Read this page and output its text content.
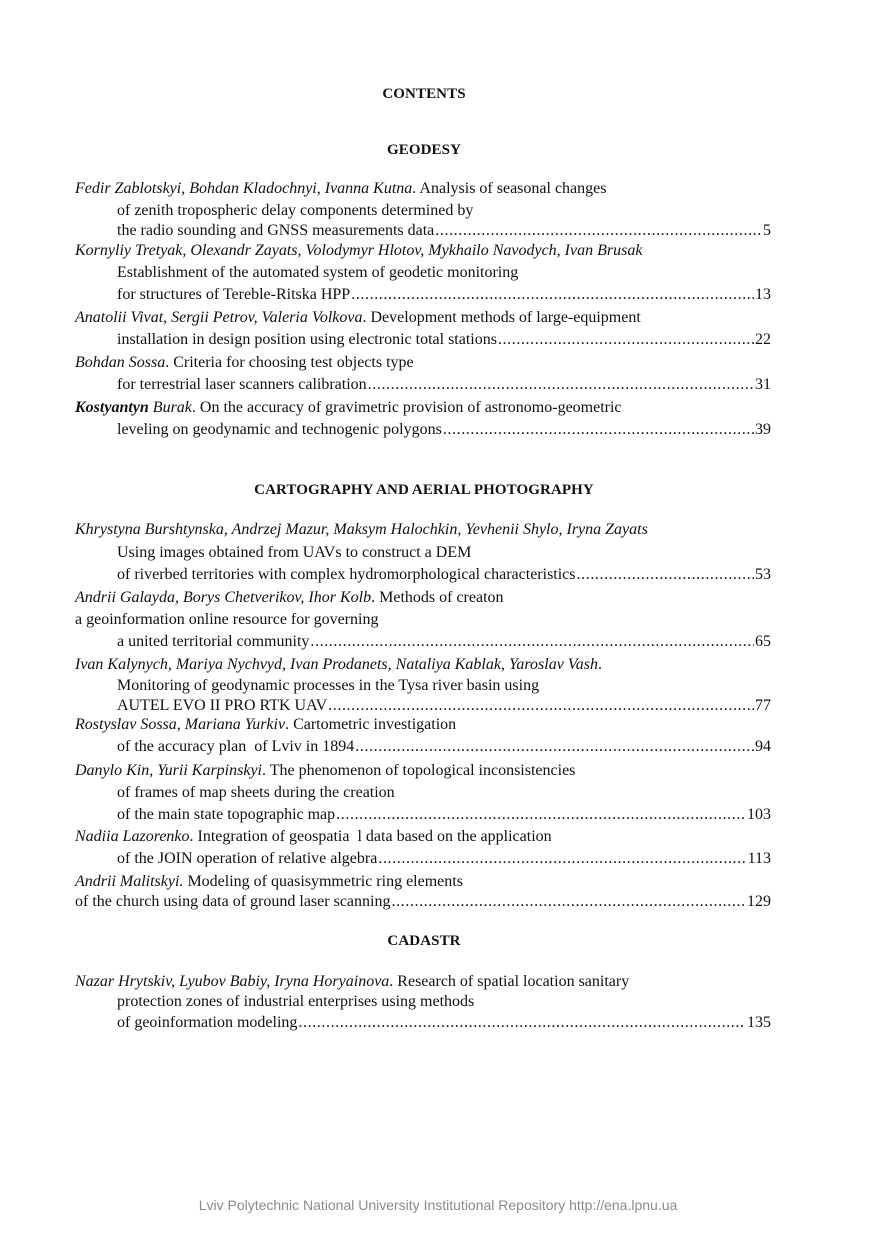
CONTENTS
GEODESY
Fedir Zablotskyi, Bohdan Kladochnyi, Ivanna Kutna. Analysis of seasonal changes
of zenith tropospheric delay components determined by
the radio sounding and GNSS measurements data .....	5
Kornyliy Tretyak, Olexandr Zayats, Volodymyr Hlotov, Mykhailo Navodych, Ivan Brusak
Establishment of the automated system of geodetic monitoring
for structures of Tereble-Ritska HPP .....	13
Anatolii Vivat, Sergii Petrov, Valeria Volkova. Development methods of large-equipment
installation in design position using electronic total stations .....	22
Bohdan Sossa. Criteria for choosing test objects type
for terrestrial laser scanners calibration .....	31
Kostyantyn Burak. On the accuracy of gravimetric provision of astronomo-geometric
leveling on geodynamic and technogenic polygons .....	39
CARTOGRAPHY AND AERIAL PHOTOGRAPHY
Khrystyna Burshtynska, Andrzej Mazur, Maksym Halochkin, Yevhenii Shylo, Iryna Zayats
Using images obtained from UAVs to construct a DEM
of riverbed territories with complex hydromorphological characteristics .....	53
Andrii Galayda, Borys Chetverikov, Ihor Kolb. Methods of creaton
a geoinformation online resource for governing
a united territorial community .....	65
Ivan Kalynych, Mariya Nychvyd, Ivan Prodanets, Nataliya Kablak, Yaroslav Vash.
Monitoring of geodynamic processes in the Tysa river basin using
AUTEL EVO II PRO RTK UAV .....	77
Rostyslav Sossa, Mariana Yurkiv. Cartometric investigation
of the accuracy plan  of Lviv in 1894 .....	94
Danylo Kin, Yurii Karpinskyi. The phenomenon of topological inconsistencies
of frames of map sheets during the creation
of the main state topographic map .....	103
Nadiia Lazorenko. Integration of geospatia  l data based on the application
of the JOIN operation of relative algebra .....	113
Andrii Malitskyi. Modeling of quasisymmetric ring elements
of the church using data of ground laser scanning .....	129
CADASTR
Nazar Hrytskiv, Lyubov Babiy, Iryna Horyainova. Research of spatial location sanitary
protection zones of industrial enterprises using methods
of geoinformation modeling .....	135
Lviv Polytechnic National University Institutional Repository http://ena.lpnu.ua
